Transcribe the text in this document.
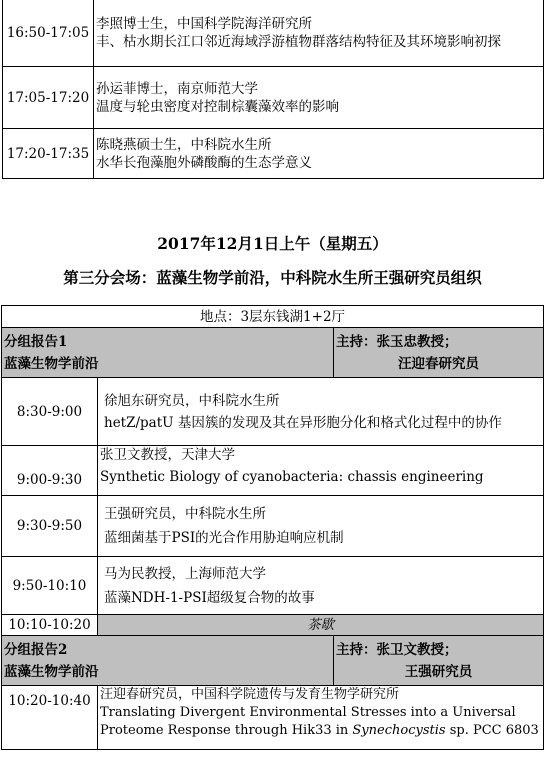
16:50-17:05	李照博士生，中国科学院海洋研究所
丰、枯水期长江口邻近海域浮游植物群落结构特征及其环境影响初探

17:05-17:20	孙运菲博士，南京师范大学
温度与轮虫密度对控制棕囊藻效率的影响

17:20-17:35	陈晓燕硕士生，中科院水生所
水华长孢藻胞外磷酸酶的生态学意义
2017年12月1日上午（星期五）
第三分会场：蓝藻生物学前沿，中科院水生所王强研究员组织
地点：3层东钱湖1+2厅		

分组报告1
蓝藻生物学前沿		主持：张玉忠教授；
汪迎春研究员

8:30-9:00	徐旭东研究员，中科院水生所
hetZ/patU 基因簇的发现及其在异形胞分化和格式化过程中的协作	

9:00-9:30	张卫文教授，天津大学
Synthetic Biology of cyanobacteria: chassis engineering	

9:30-9:50	王强研究员，中科院水生所
蓝细菌基于PSI的光合作用胁迫响应机制	

9:50-10:10	马为民教授，上海师范大学
蓝藻NDH-1-PSI超级复合物的故事	

10:10-10:20	茶歇	

分组报告2
蓝藻生物学前沿		主持：张卫文教授；
王强研究员

10:20-10:40	汪迎春研究员，中国科学院遗传与发育生物学研究所
Translating Divergent Environmental Stresses into a Universal
Proteome Response through Hik33 in Synechocystis sp. PCC 6803	
